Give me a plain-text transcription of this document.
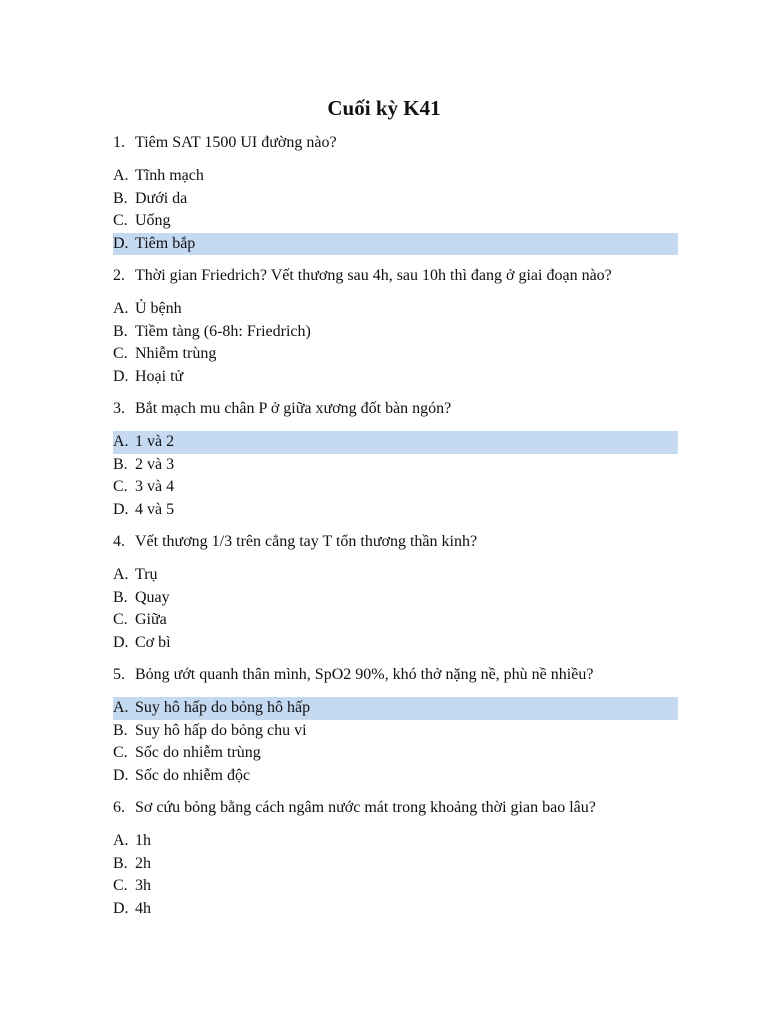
Cuối kỳ K41
1. Tiêm SAT 1500 UI đường nào?
A. Tĩnh mạch
B. Dưới da
C. Uống
D. Tiêm bắp
2. Thời gian Friedrich? Vết thương sau 4h, sau 10h thì đang ở giai đoạn nào?
A. Ủ bệnh
B. Tiềm tàng (6-8h: Friedrich)
C. Nhiễm trùng
D. Hoại tử
3. Bắt mạch mu chân P ở giữa xương đốt bàn ngón?
A. 1 và 2
B. 2 và 3
C. 3 và 4
D. 4 và 5
4. Vết thương 1/3 trên cẳng tay T tổn thương thần kinh?
A. Trụ
B. Quay
C. Giữa
D. Cơ bì
5. Bỏng ướt quanh thân mình, SpO2 90%, khó thở nặng nề, phù nề nhiều?
A. Suy hô hấp do bỏng hô hấp
B. Suy hô hấp do bỏng chu vi
C. Sốc do nhiễm trùng
D. Sốc do nhiễm độc
6. Sơ cứu bỏng bằng cách ngâm nước mát trong khoảng thời gian bao lâu?
A. 1h
B. 2h
C. 3h
D. 4h
